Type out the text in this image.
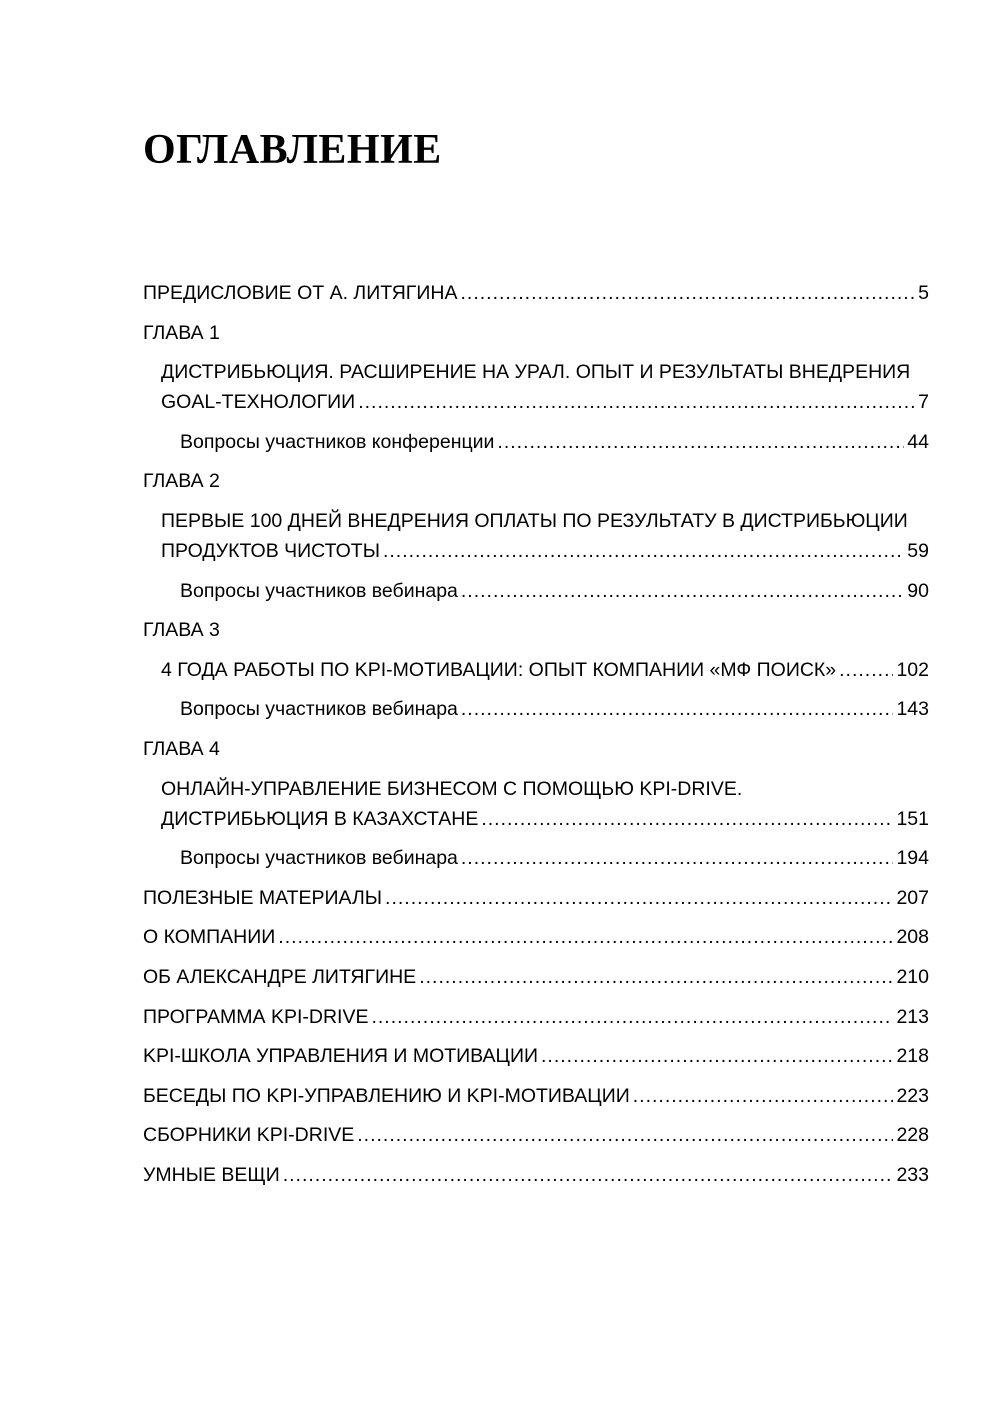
ОГЛАВЛЕНИЕ
ПРЕДИСЛОВИЕ ОТ А. ЛИТЯГИНА .....	5
ГЛАВА 1
ДИСТРИБЬЮЦИЯ. РАСШИРЕНИЕ НА УРАЛ. ОПЫТ И РЕЗУЛЬТАТЫ ВНЕДРЕНИЯ
GOAL-ТЕХНОЛОГИИ .....	7
Вопросы участников конференции .....	44
ГЛАВА 2
ПЕРВЫЕ 100 ДНЕЙ ВНЕДРЕНИЯ ОПЛАТЫ ПО РЕЗУЛЬТАТУ В ДИСТРИБЬЮЦИИ
ПРОДУКТОВ ЧИСТОТЫ .....	59
Вопросы участников вебинара .....	90
ГЛАВА 3
4 ГОДА РАБОТЫ ПО KPI-МОТИВАЦИИ: ОПЫТ КОМПАНИИ «МФ ПОИСК» .....	102
Вопросы участников вебинара .....	143
ГЛАВА 4
ОНЛАЙН-УПРАВЛЕНИЕ БИЗНЕСОМ С ПОМОЩЬЮ KPI-DRIVE.
ДИСТРИБЬЮЦИЯ В КАЗАХСТАНЕ .....	151
Вопросы участников вебинара .....	194
ПОЛЕЗНЫЕ МАТЕРИАЛЫ .....	207
О КОМПАНИИ .....	208
ОБ АЛЕКСАНДРЕ ЛИТЯГИНЕ .....	210
ПРОГРАММА KPI-DRIVE .....	213
KPI-ШКОЛА УПРАВЛЕНИЯ И МОТИВАЦИИ .....	218
БЕСЕДЫ ПО KPI-УПРАВЛЕНИЮ И KPI-МОТИВАЦИИ .....	223
СБОРНИКИ KPI-DRIVE .....	228
УМНЫЕ ВЕЩИ .....	233
